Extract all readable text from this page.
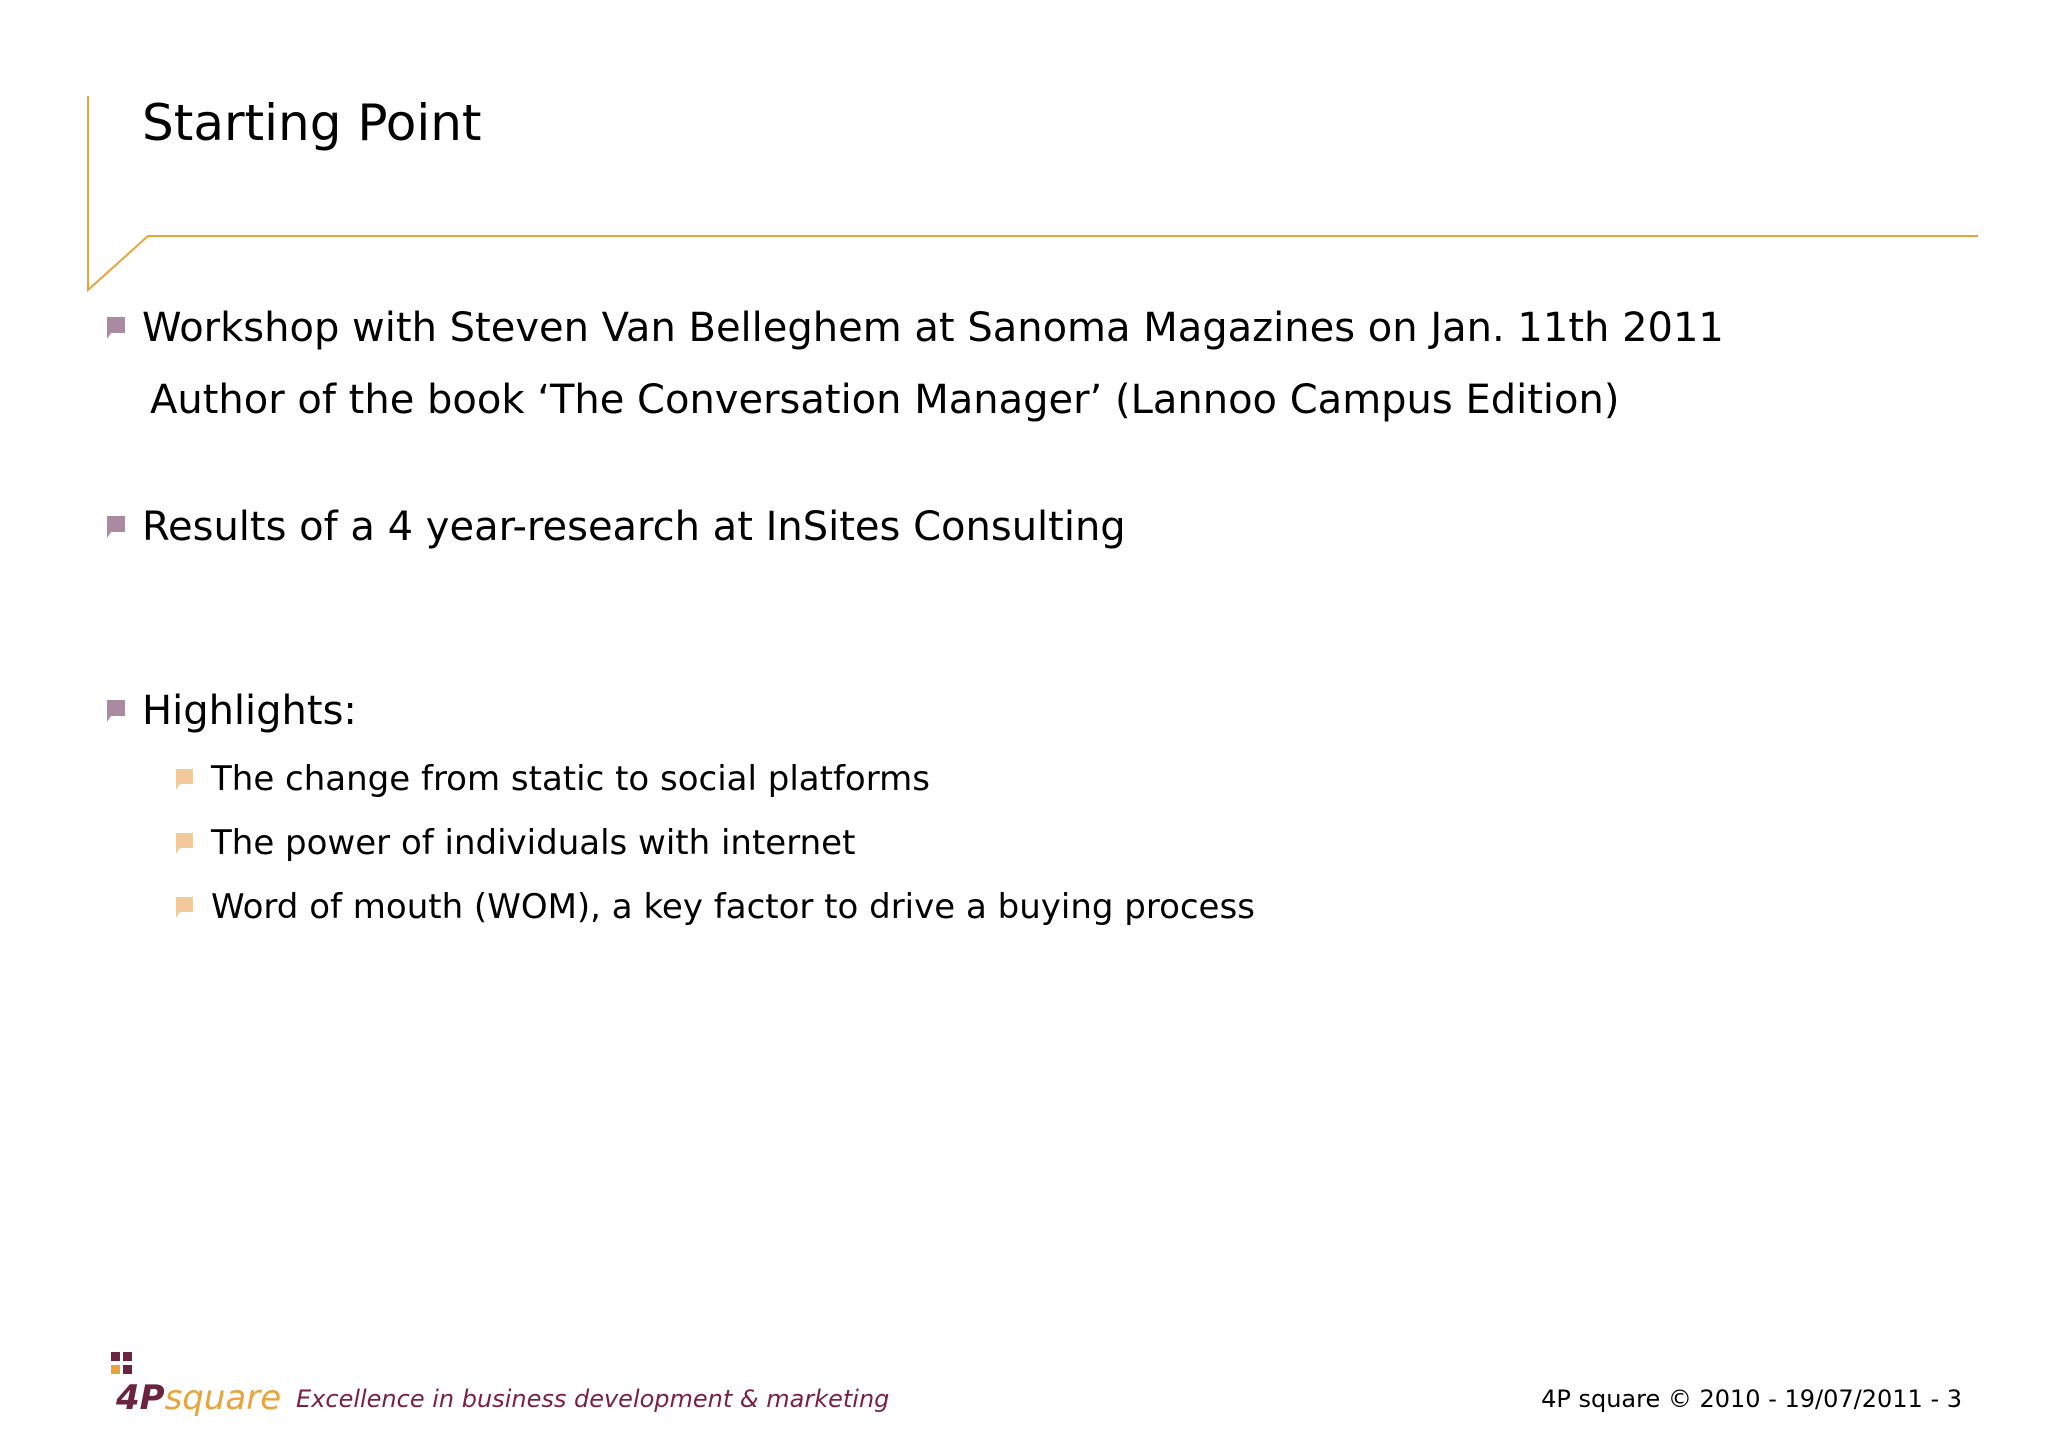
Starting Point
Workshop with Steven Van Belleghem at Sanoma Magazines on Jan. 11th 2011
Author of the book ‘The Conversation Manager’ (Lannoo Campus Edition)
Results of a 4 year-research at InSites Consulting
Highlights:
The change from static to social platforms
The power of individuals with internet
Word of mouth (WOM), a key factor to drive a buying process
4Psquare Excellence in business development & marketing	4P square © 2010 - 19/07/2011 - 3
